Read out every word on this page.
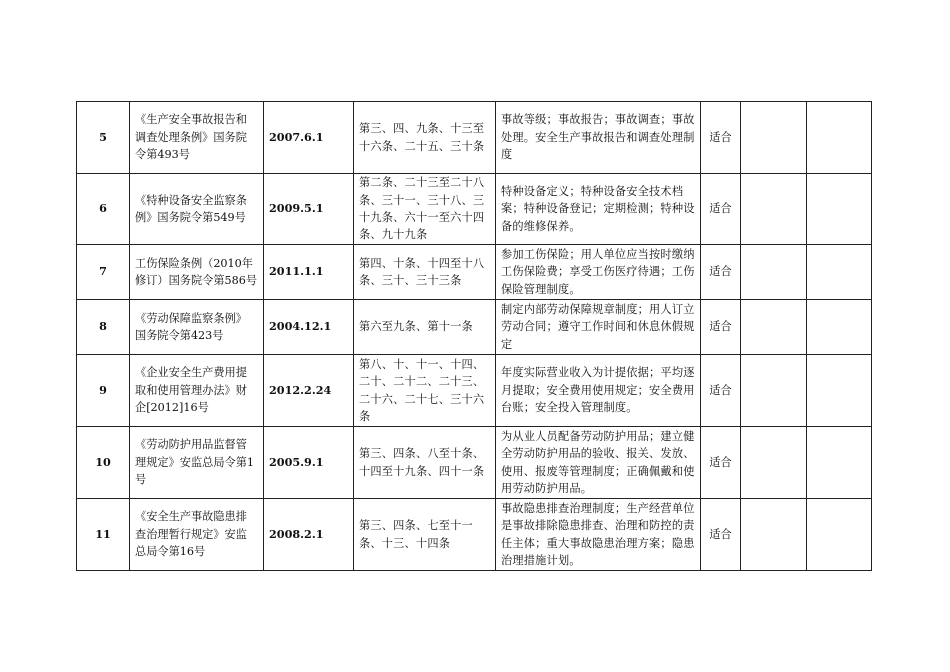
5	《生产安全事故报告和调查处理条例》国务院令第493号	2007.6.1	第三、四、九条、十三至十六条、二十五、三十条	事故等级；事故报告；事故调查；事故处理。安全生产事故报告和调查处理制度	适合		
6	《特种设备安全监察条例》国务院令第549号	2009.5.1	第二条、二十三至二十八条、三十一、三十八、三十九条、六十一至六十四条、九十九条	特种设备定义；特种设备安全技术档案；特种设备登记；定期检测；特种设备的维修保养。	适合		
7	工伤保险条例（2010年修订）国务院令第586号	2011.1.1	第四、十条、十四至十八条、三十、三十三条	参加工伤保险；用人单位应当按时缴纳工伤保险费；享受工伤医疗待遇；工伤保险管理制度。	适合		
8	《劳动保障监察条例》国务院令第423号	2004.12.1	第六至九条、第十一条	制定内部劳动保障规章制度；用人订立劳动合同；遵守工作时间和休息休假规定	适合		
9	《企业安全生产费用提取和使用管理办法》财企[2012]16号	2012.2.24	第八、十、十一、十四、二十、二十二、二十三、二十六、二十七、三十六条	年度实际营业收入为计提依据；平均逐月提取；安全费用使用规定；安全费用台账；安全投入管理制度。	适合		
10	《劳动防护用品监督管理规定》安监总局令第1号	2005.9.1	第三、四条、八至十条、十四至十九条、四十一条	为从业人员配备劳动防护用品；建立健全劳动防护用品的验收、报关、发放、使用、报废等管理制度；正确佩戴和使用劳动防护用品。	适合		
11	《安全生产事故隐患排查治理暂行规定》安监总局令第16号	2008.2.1	第三、四条、七至十一条、十三、十四条	事故隐患排查治理制度；生产经营单位是事故排除隐患排查、治理和防控的责任主体；重大事故隐患治理方案；隐患治理措施计划。	适合		
